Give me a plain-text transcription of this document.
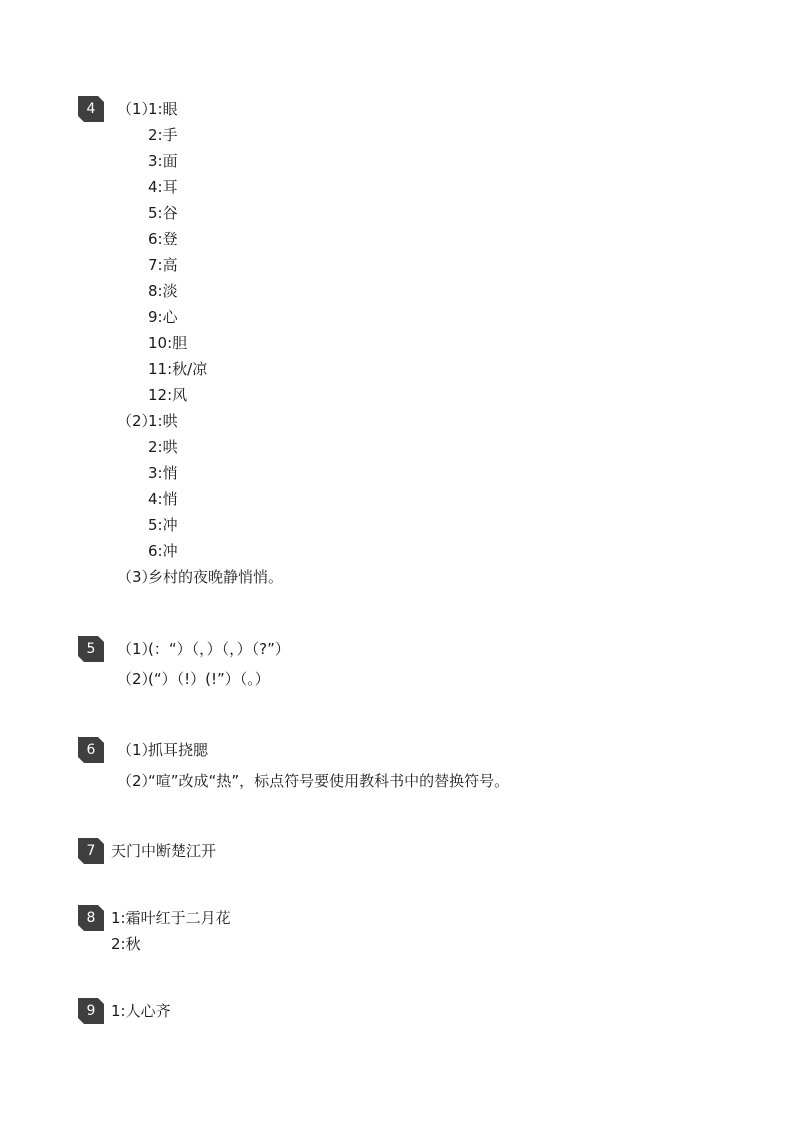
4	（1）
1:眼
2:手
3:面
4:耳
5:谷
6:登
7:高
8:淡
9:心
10:胆
11:秋/凉
12:风
（2）
1:哄
2:哄
3:悄
4:悄
5:冲
6:冲
（3）
乡村的夜晚静悄悄。
5	（1）
(：“）（，）（，）（?”）
（2）
(“）（!）(!”）（。）
6	（1）
抓耳挠腮
（2）
“喧”改成“热”，标点符号要使用教科书中的替换符号。
7	天门中断楚江开
8	1:霜叶红于二月花
2:秋
9	1:人心齐
